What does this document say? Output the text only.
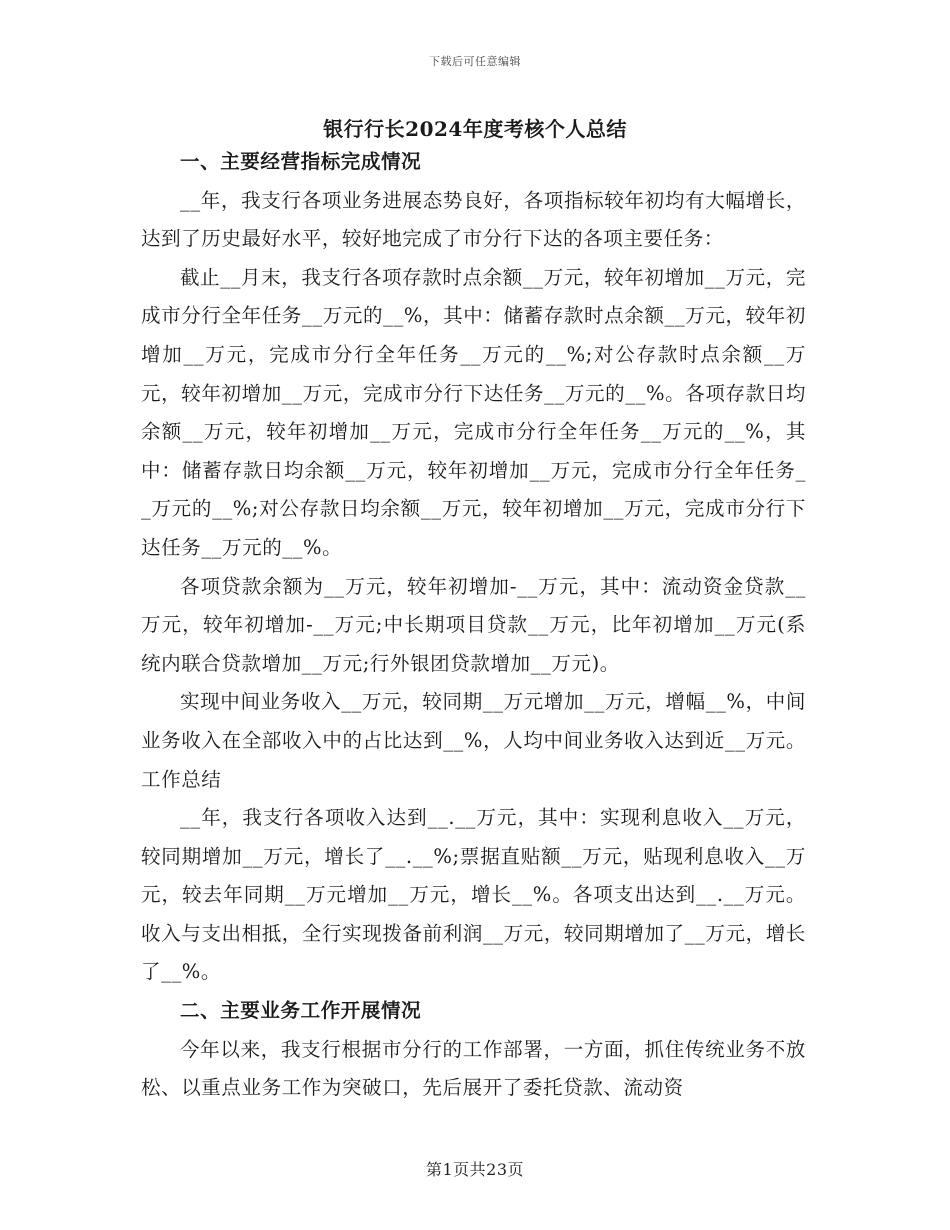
下载后可任意编辑
银行行长2024年度考核个人总结
一、主要经营指标完成情况

__年，我支行各项业务进展态势良好，各项指标较年初均有大幅增长，达到了历史最好水平，较好地完成了市分行下达的各项主要任务：

截止__月末，我支行各项存款时点余额__万元，较年初增加__万元，完成市分行全年任务__万元的__%，其中：储蓄存款时点余额__万元，较年初增加__万元，完成市分行全年任务__万元的__%;对公存款时点余额__万元，较年初增加__万元，完成市分行下达任务__万元的__%。各项存款日均余额__万元，较年初增加__万元，完成市分行全年任务__万元的__%，其中：储蓄存款日均余额__万元，较年初增加__万元，完成市分行全年任务__万元的__%;对公存款日均余额__万元，较年初增加__万元，完成市分行下达任务__万元的__%。

各项贷款余额为__万元，较年初增加-__万元，其中：流动资金贷款__万元，较年初增加-__万元;中长期项目贷款__万元，比年初增加__万元(系统内联合贷款增加__万元;行外银团贷款增加__万元)。

实现中间业务收入__万元，较同期__万元增加__万元，增幅__%，中间业务收入在全部收入中的占比达到__%，人均中间业务收入达到近__万元。工作总结

__年，我支行各项收入达到__.__万元，其中：实现利息收入__万元，较同期增加__万元，增长了__.__%;票据直贴额__万元，贴现利息收入__万元，较去年同期__万元增加__万元，增长__%。各项支出达到__.__万元。收入与支出相抵，全行实现拨备前利润__万元，较同期增加了__万元，增长了__%。

二、主要业务工作开展情况

今年以来，我支行根据市分行的工作部署，一方面，抓住传统业务不放松、以重点业务工作为突破口，先后展开了委托贷款、流动资

第1页共23页
